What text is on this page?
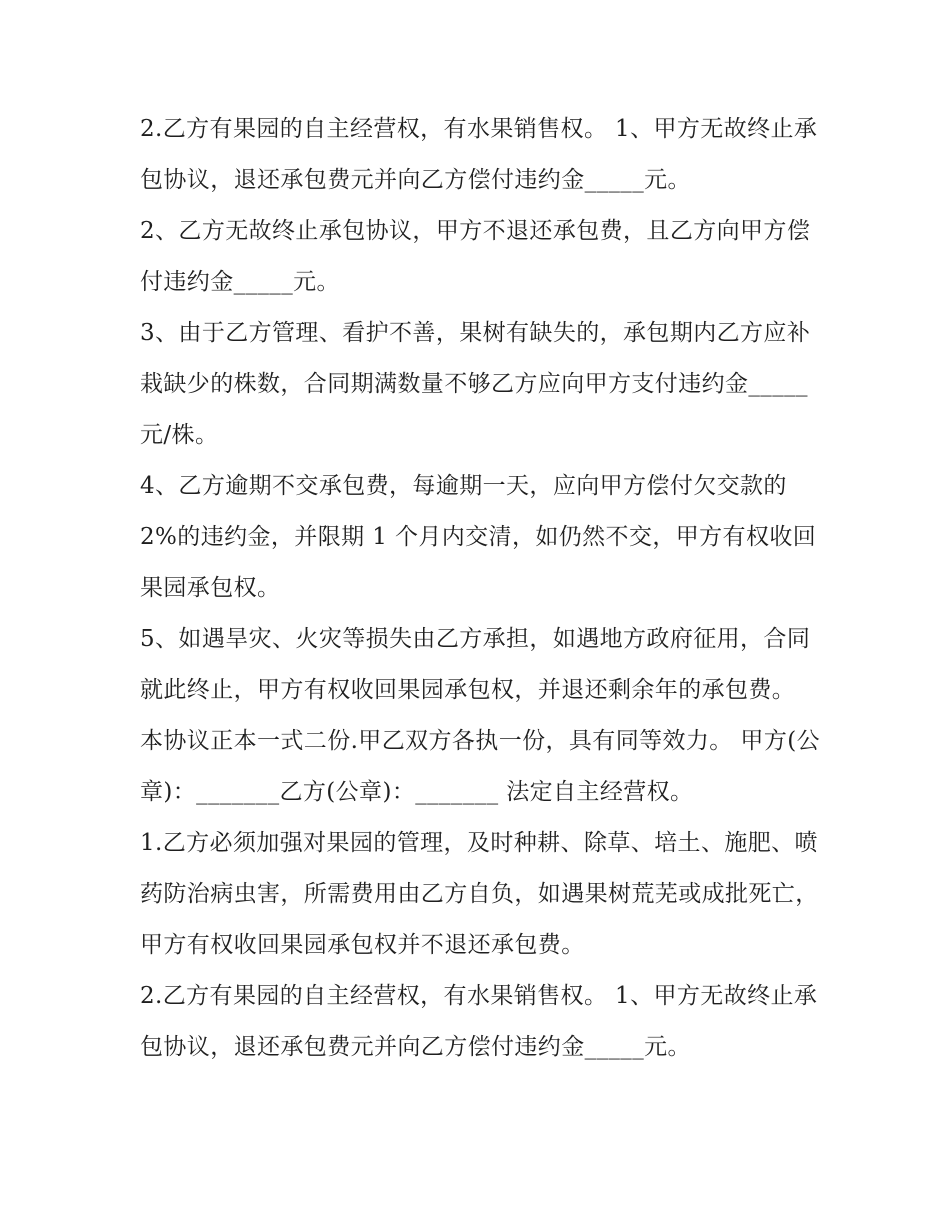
2.乙方有果园的自主经营权，有水果销售权。 1、甲方无故终止承包协议，退还承包费元并向乙方偿付违约金_____元。

2、乙方无故终止承包协议，甲方不退还承包费，且乙方向甲方偿付违约金_____元。

3、由于乙方管理、看护不善，果树有缺失的，承包期内乙方应补栽缺少的株数，合同期满数量不够乙方应向甲方支付违约金_____元/株。

4、乙方逾期不交承包费，每逾期一天，应向甲方偿付欠交款的 2%的违约金，并限期 1 个月内交清，如仍然不交，甲方有权收回果园承包权。

5、如遇旱灾、火灾等损失由乙方承担，如遇地方政府征用，合同就此终止，甲方有权收回果园承包权，并退还剩余年的承包费。

本协议正本一式二份.甲乙双方各执一份，具有同等效力。 甲方(公章)：_______乙方(公章)：_______ 法定自主经营权。

1.乙方必须加强对果园的管理，及时种耕、除草、培土、施肥、喷药防治病虫害，所需费用由乙方自负，如遇果树荒芜或成批死亡，甲方有权收回果园承包权并不退还承包费。

2.乙方有果园的自主经营权，有水果销售权。 1、甲方无故终止承包协议，退还承包费元并向乙方偿付违约金_____元。
